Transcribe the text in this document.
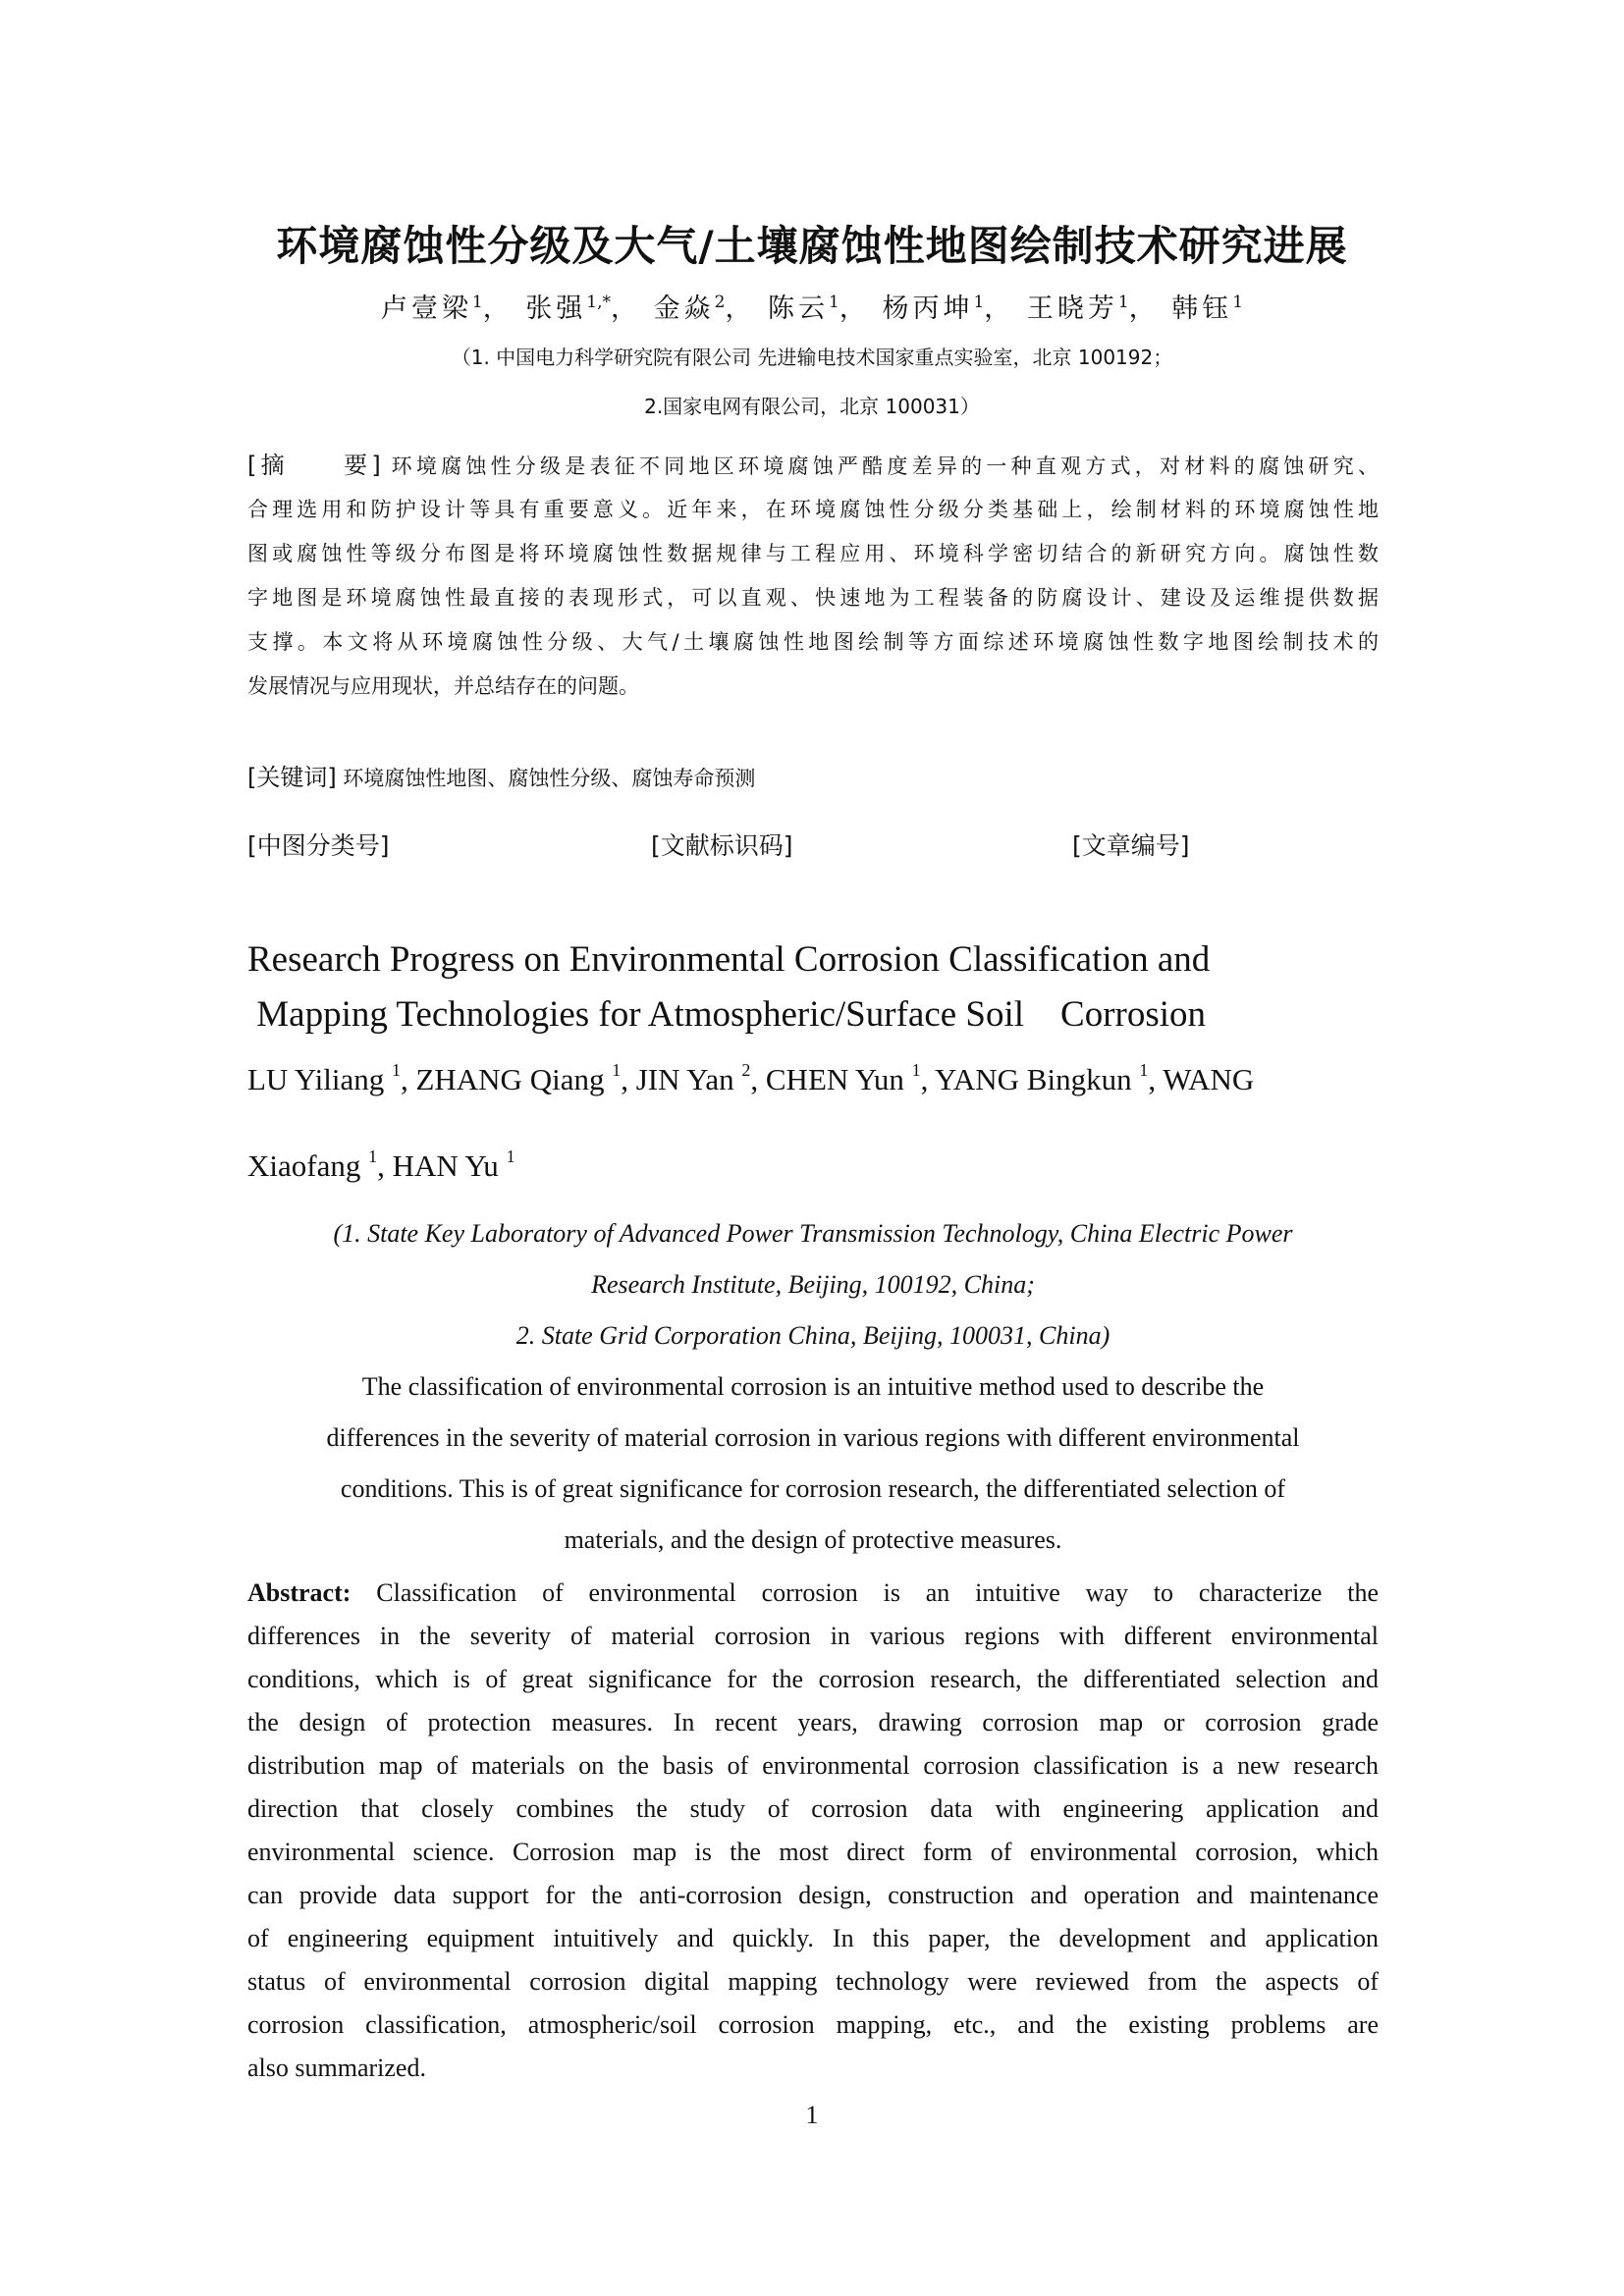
环境腐蚀性分级及大气/土壤腐蚀性地图绘制技术研究进展
卢壹梁$^1$， 张强$^{1,*}$， 金焱$^2$， 陈云$^1$， 杨丙坤$^1$， 王晓芳$^1$， 韩钰$^1$
（1. 中国电力科学研究院有限公司 先进输电技术国家重点实验室，北京 100192；
2.国家电网有限公司，北京 100031）
[摘 要] 环境腐蚀性分级是表征不同地区环境腐蚀严酷度差异的一种直观方式，对材料的腐蚀研究、
合理选用和防护设计等具有重要意义。近年来，在环境腐蚀性分级分类基础上，绘制材料的环境腐蚀性地
图或腐蚀性等级分布图是将环境腐蚀性数据规律与工程应用、环境科学密切结合的新研究方向。腐蚀性数
字地图是环境腐蚀性最直接的表现形式，可以直观、快速地为工程装备的防腐设计、建设及运维提供数据
支撑。本文将从环境腐蚀性分级、大气/土壤腐蚀性地图绘制等方面综述环境腐蚀性数字地图绘制技术的
发展情况与应用现状，并总结存在的问题。
[关键词] 环境腐蚀性地图、腐蚀性分级、腐蚀寿命预测
[中图分类号]	[文献标识码]	[文章编号]
Research Progress on Environmental Corrosion Classification and
Mapping Technologies for Atmospheric/Surface Soil    Corrosion
LU Yiliang $^1$, ZHANG Qiang $^1$, JIN Yan $^2$, CHEN Yun $^1$, YANG Bingkun $^1$, WANG
Xiaofang $^1$, HAN Yu $^1$
(1. State Key Laboratory of Advanced Power Transmission Technology, China Electric Power
Research Institute, Beijing, 100192, China;
2. State Grid Corporation China, Beijing, 100031, China)
The classification of environmental corrosion is an intuitive method used to describe the
differences in the severity of material corrosion in various regions with different environmental
conditions. This is of great significance for corrosion research, the differentiated selection of
materials, and the design of protective measures.
Abstract: Classification of environmental corrosion is an intuitive way to characterize the
differences in the severity of material corrosion in various regions with different environmental
conditions, which is of great significance for the corrosion research, the differentiated selection and
the design of protection measures. In recent years, drawing corrosion map or corrosion grade
distribution map of materials on the basis of environmental corrosion classification is a new research
direction that closely combines the study of corrosion data with engineering application and
environmental science. Corrosion map is the most direct form of environmental corrosion, which
can provide data support for the anti-corrosion design, construction and operation and maintenance
of engineering equipment intuitively and quickly. In this paper, the development and application
status of environmental corrosion digital mapping technology were reviewed from the aspects of
corrosion classification, atmospheric/soil corrosion mapping, etc., and the existing problems are
also summarized.
1
